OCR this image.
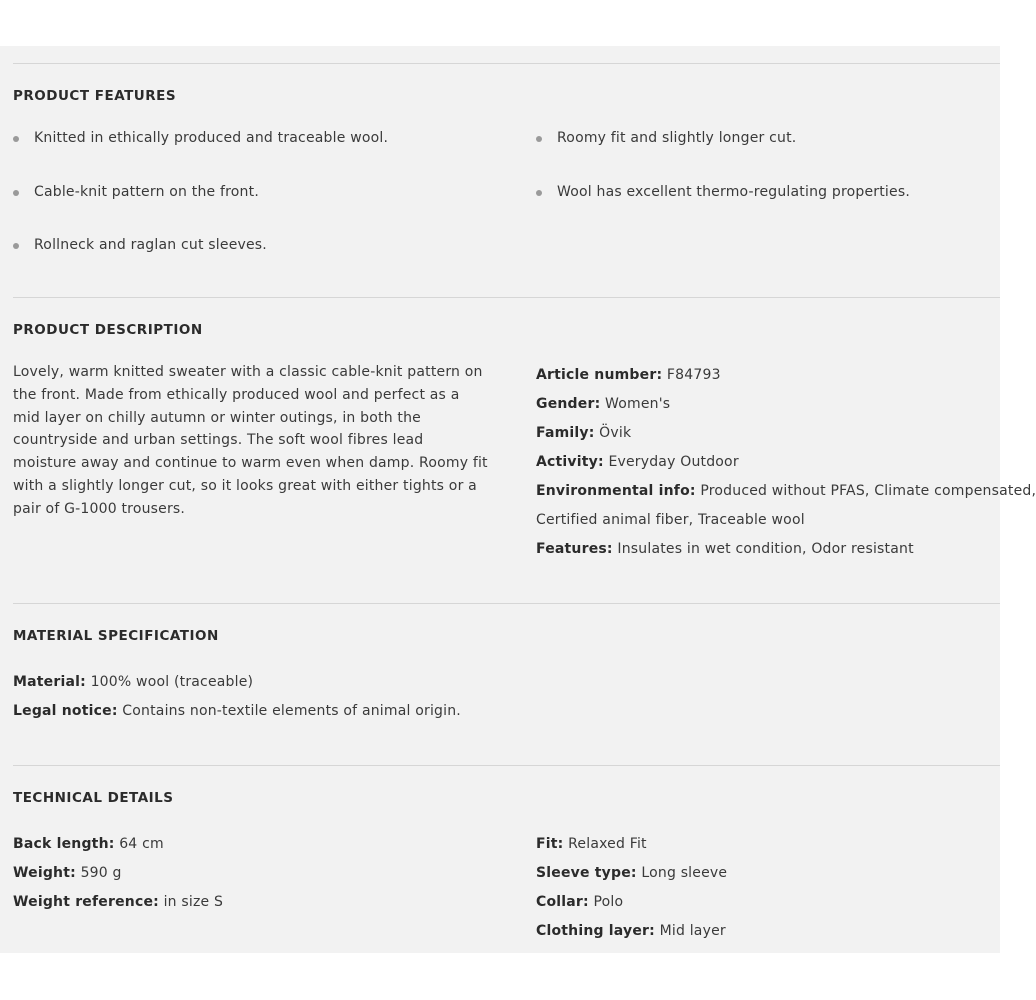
PRODUCT FEATURES
Knitted in ethically produced and traceable wool.
Cable-knit pattern on the front.
Rollneck and raglan cut sleeves.
Roomy fit and slightly longer cut.
Wool has excellent thermo-regulating properties.
PRODUCT DESCRIPTION
Lovely, warm knitted sweater with a classic cable-knit pattern on the front. Made from ethically produced wool and perfect as a mid layer on chilly autumn or winter outings, in both the countryside and urban settings. The soft wool fibres lead moisture away and continue to warm even when damp. Roomy fit with a slightly longer cut, so it looks great with either tights or a pair of G-1000 trousers.
Article number: F84793
Gender: Women's
Family: Övik
Activity: Everyday Outdoor
Environmental info: Produced without PFAS, Climate compensated,
Certified animal fiber, Traceable wool
Features: Insulates in wet condition, Odor resistant
MATERIAL SPECIFICATION
Material: 100% wool (traceable)
Legal notice: Contains non-textile elements of animal origin.
TECHNICAL DETAILS
Back length: 64 cm
Weight: 590 g
Weight reference: in size S
Fit: Relaxed Fit
Sleeve type: Long sleeve
Collar: Polo
Clothing layer: Mid layer
